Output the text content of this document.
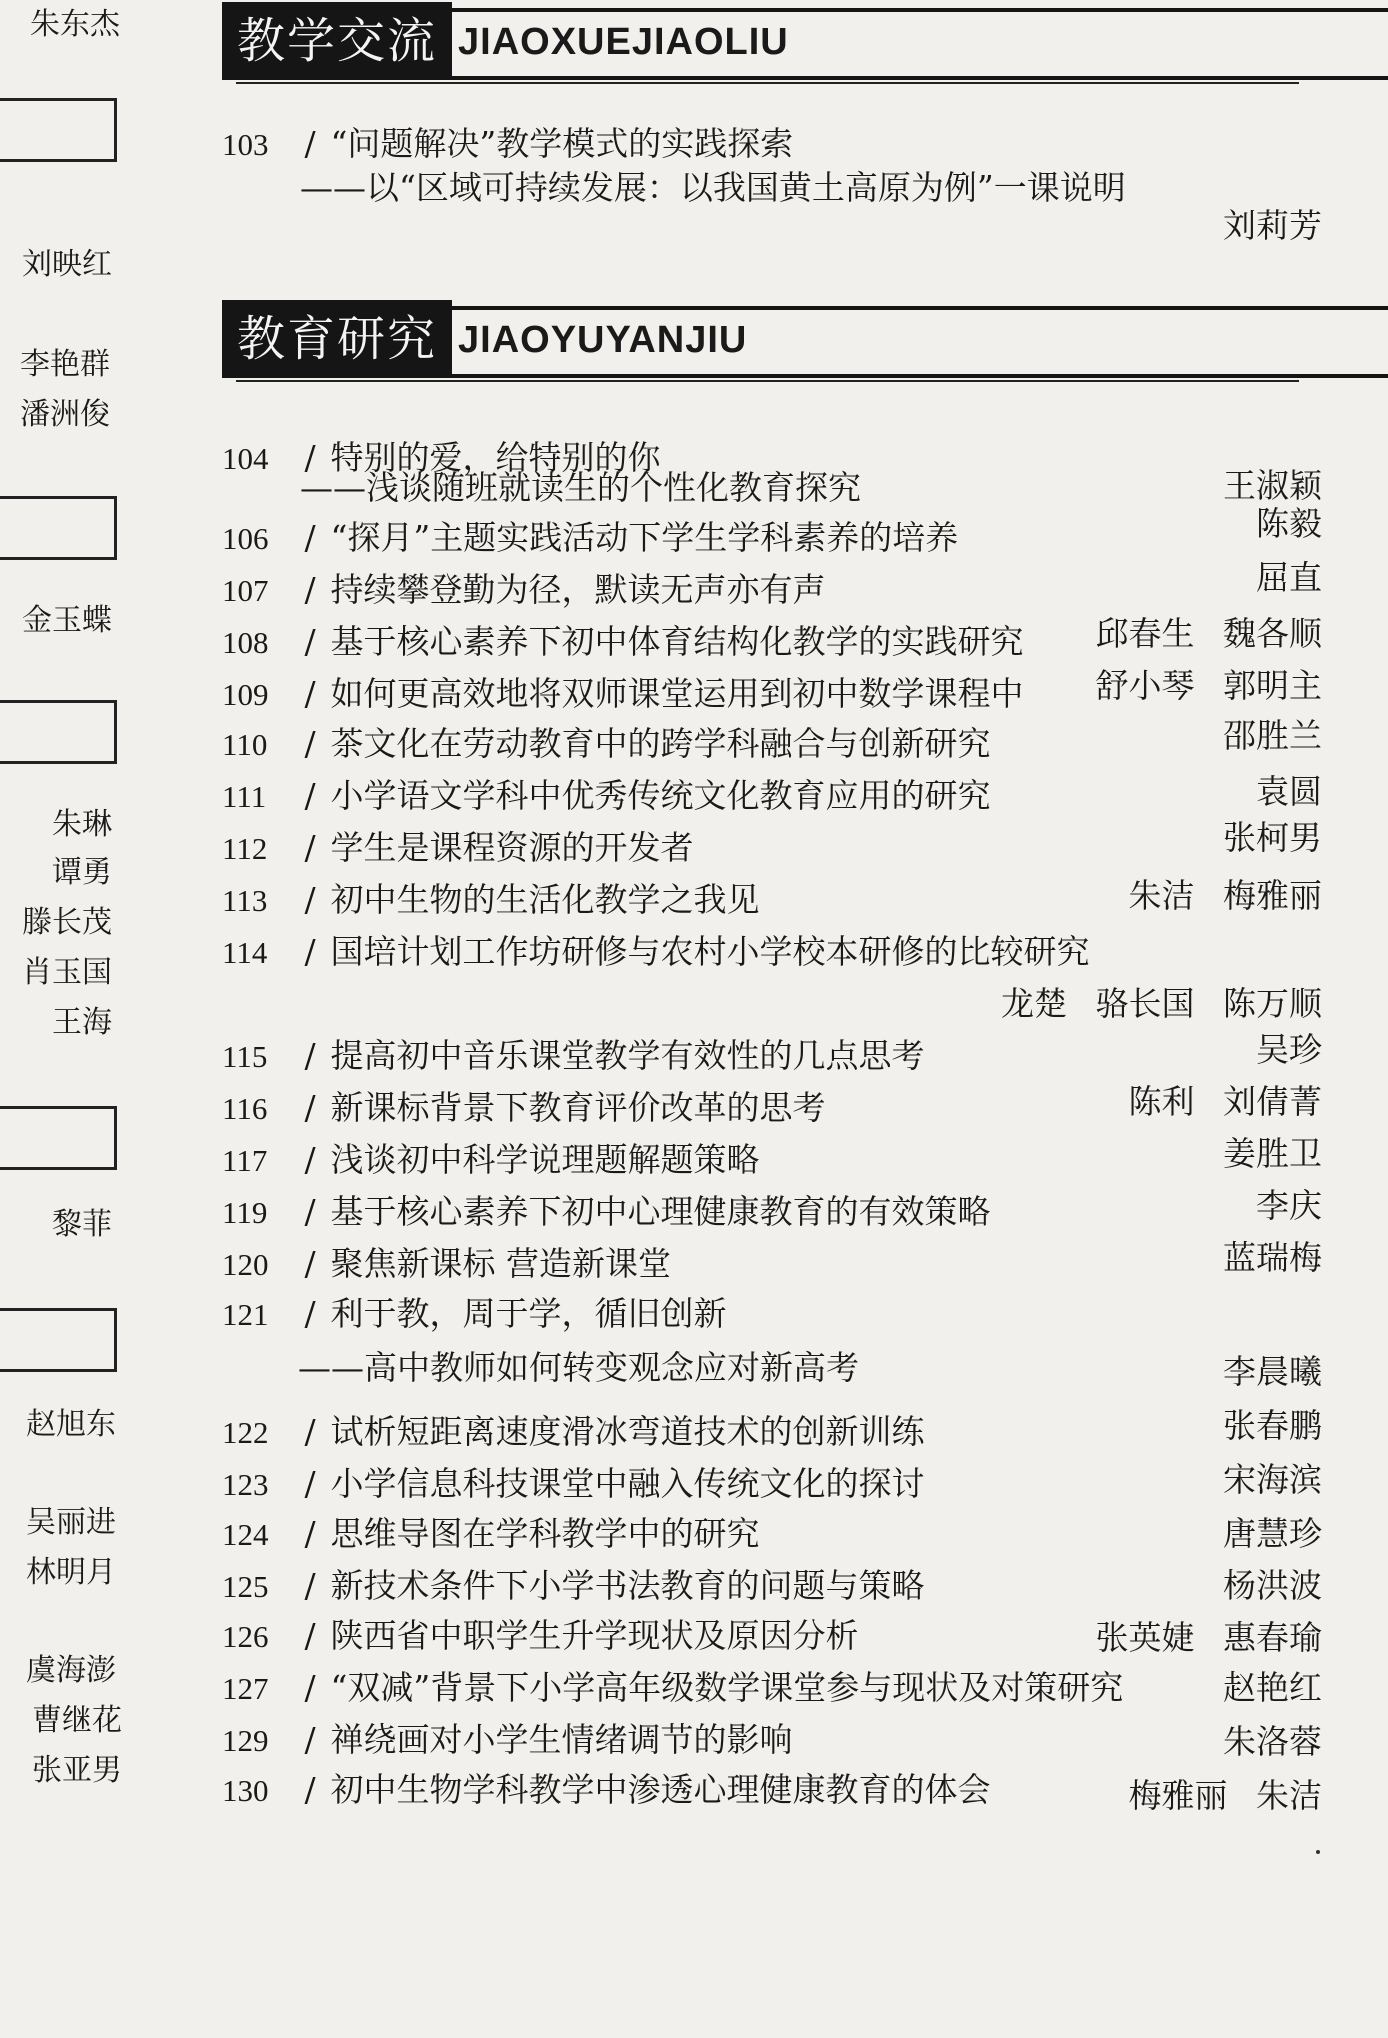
朱东杰
刘映红
李艳群
潘洲俊
金玉蝶
朱琳
谭勇
滕长茂
肖玉国
王海
黎菲
赵旭东
吴丽进
林明月
虞海澎
曹继花
张亚男
教学交流 JIAOXUEJIAOLIU
103 / “问题解决”教学模式的实践探索
——以“区域可持续发展：以我国黄土高原为例”一课说明
刘莉芳
教育研究 JIAOYUYANJIU
104 / 特别的爱，给特别的你
——浅谈随班就读生的个性化教育探究	王淑颖
106 / “探月”主题实践活动下学生学科素养的培养	陈毅
107 / 持续攀登勤为径，默读无声亦有声	屈直
108 / 基于核心素养下初中体育结构化教学的实践研究 邱春生 魏各顺
109 / 如何更高效地将双师课堂运用到初中数学课程中 舒小琴 郭明主
110 / 茶文化在劳动教育中的跨学科融合与创新研究	邵胜兰
111 / 小学语文学科中优秀传统文化教育应用的研究	袁圆
112 / 学生是课程资源的开发者	张柯男
113 / 初中生物的生活化教学之我见	朱洁 梅雅丽
114 / 国培计划工作坊研修与农村小学校本研修的比较研究
龙楚 骆长国 陈万顺
115 / 提高初中音乐课堂教学有效性的几点思考	吴珍
116 / 新课标背景下教育评价改革的思考	陈利 刘倩菁
117 / 浅谈初中科学说理题解题策略	姜胜卫
119 / 基于核心素养下初中心理健康教育的有效策略	李庆
120 / 聚焦新课标 营造新课堂	蓝瑞梅
121 / 利于教，周于学，循旧创新
——高中教师如何转变观念应对新高考	李晨曦
122 / 试析短距离速度滑冰弯道技术的创新训练	张春鹏
123 / 小学信息科技课堂中融入传统文化的探讨	宋海滨
124 / 思维导图在学科教学中的研究	唐慧珍
125 / 新技术条件下小学书法教育的问题与策略	杨洪波
126 / 陕西省中职学生升学现状及原因分析	张英婕 惠春瑜
127 / “双减”背景下小学高年级数学课堂参与现状及对策研究	赵艳红
129 / 禅绕画对小学生情绪调节的影响	朱洛蓉
130 / 初中生物学科教学中渗透心理健康教育的体会	梅雅丽 朱洁
